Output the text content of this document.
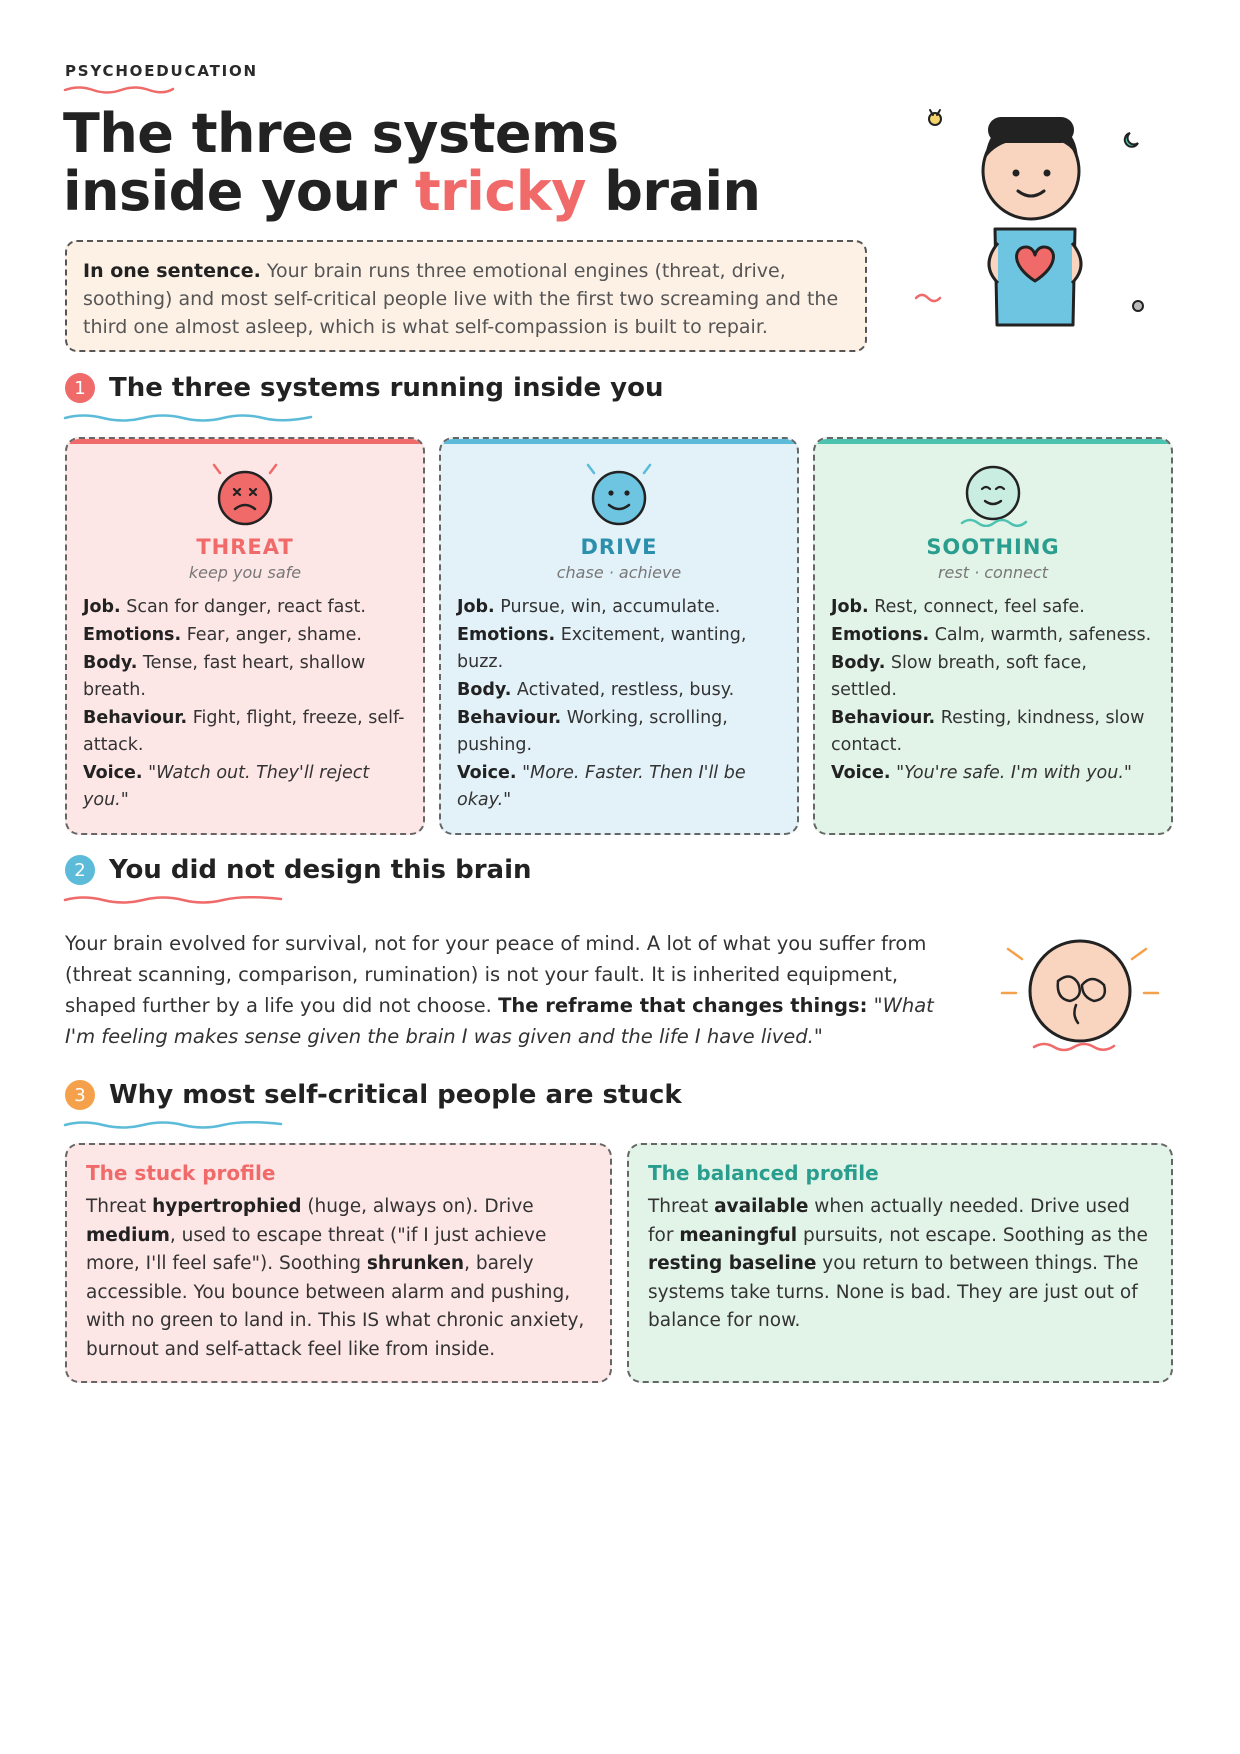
PSYCHOEDUCATION
The three systems
inside your tricky brain
In one sentence. Your brain runs three emotional engines (threat, drive, soothing) and most self-critical people live with the first two screaming and the third one almost asleep, which is what self-compassion is built to repair.
1 The three systems running inside you
THREAT
keep you safe
Job. Scan for danger, react fast.
Emotions. Fear, anger, shame.
Body. Tense, fast heart, shallow breath.
Behaviour. Fight, flight, freeze, self-attack.
Voice. "Watch out. They'll reject you."
DRIVE
chase · achieve
Job. Pursue, win, accumulate.
Emotions. Excitement, wanting, buzz.
Body. Activated, restless, busy.
Behaviour. Working, scrolling, pushing.
Voice. "More. Faster. Then I'll be okay."
SOOTHING
rest · connect
Job. Rest, connect, feel safe.
Emotions. Calm, warmth, safeness.
Body. Slow breath, soft face, settled.
Behaviour. Resting, kindness, slow contact.
Voice. "You're safe. I'm with you."
2 You did not design this brain
Your brain evolved for survival, not for your peace of mind. A lot of what you suffer from (threat scanning, comparison, rumination) is not your fault. It is inherited equipment, shaped further by a life you did not choose. The reframe that changes things: "What I'm feeling makes sense given the brain I was given and the life I have lived."
3 Why most self-critical people are stuck
The stuck profile
Threat hypertrophied (huge, always on). Drive medium, used to escape threat ("if I just achieve more, I'll feel safe"). Soothing shrunken, barely accessible. You bounce between alarm and pushing, with no green to land in. This IS what chronic anxiety, burnout and self-attack feel like from inside.
The balanced profile
Threat available when actually needed. Drive used for meaningful pursuits, not escape. Soothing as the resting baseline you return to between things. The systems take turns. None is bad. They are just out of balance for now.
